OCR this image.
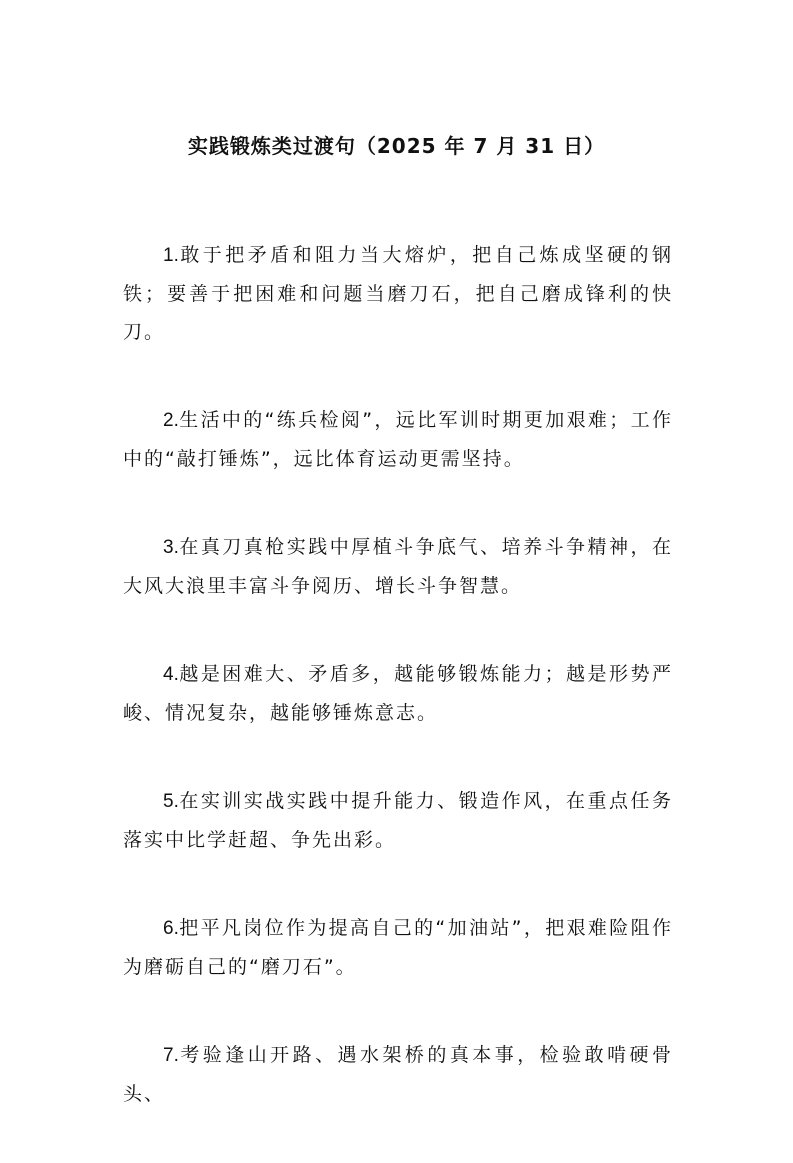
实践锻炼类过渡句（2025 年 7 月 31 日）

1.敢于把矛盾和阻力当大熔炉，把自己炼成坚硬的钢铁；要善于把困难和问题当磨刀石，把自己磨成锋利的快刀。

2.生活中的“练兵检阅”，远比军训时期更加艰难；工作中的“敲打锤炼”，远比体育运动更需坚持。

3.在真刀真枪实践中厚植斗争底气、培养斗争精神，在大风大浪里丰富斗争阅历、增长斗争智慧。

4.越是困难大、矛盾多，越能够锻炼能力；越是形势严峻、情况复杂，越能够锤炼意志。

5.在实训实战实践中提升能力、锻造作风，在重点任务落实中比学赶超、争先出彩。

6.把平凡岗位作为提高自己的“加油站”，把艰难险阻作为磨砺自己的“磨刀石”。

7.考验逢山开路、遇水架桥的真本事，检验敢啃硬骨头、
